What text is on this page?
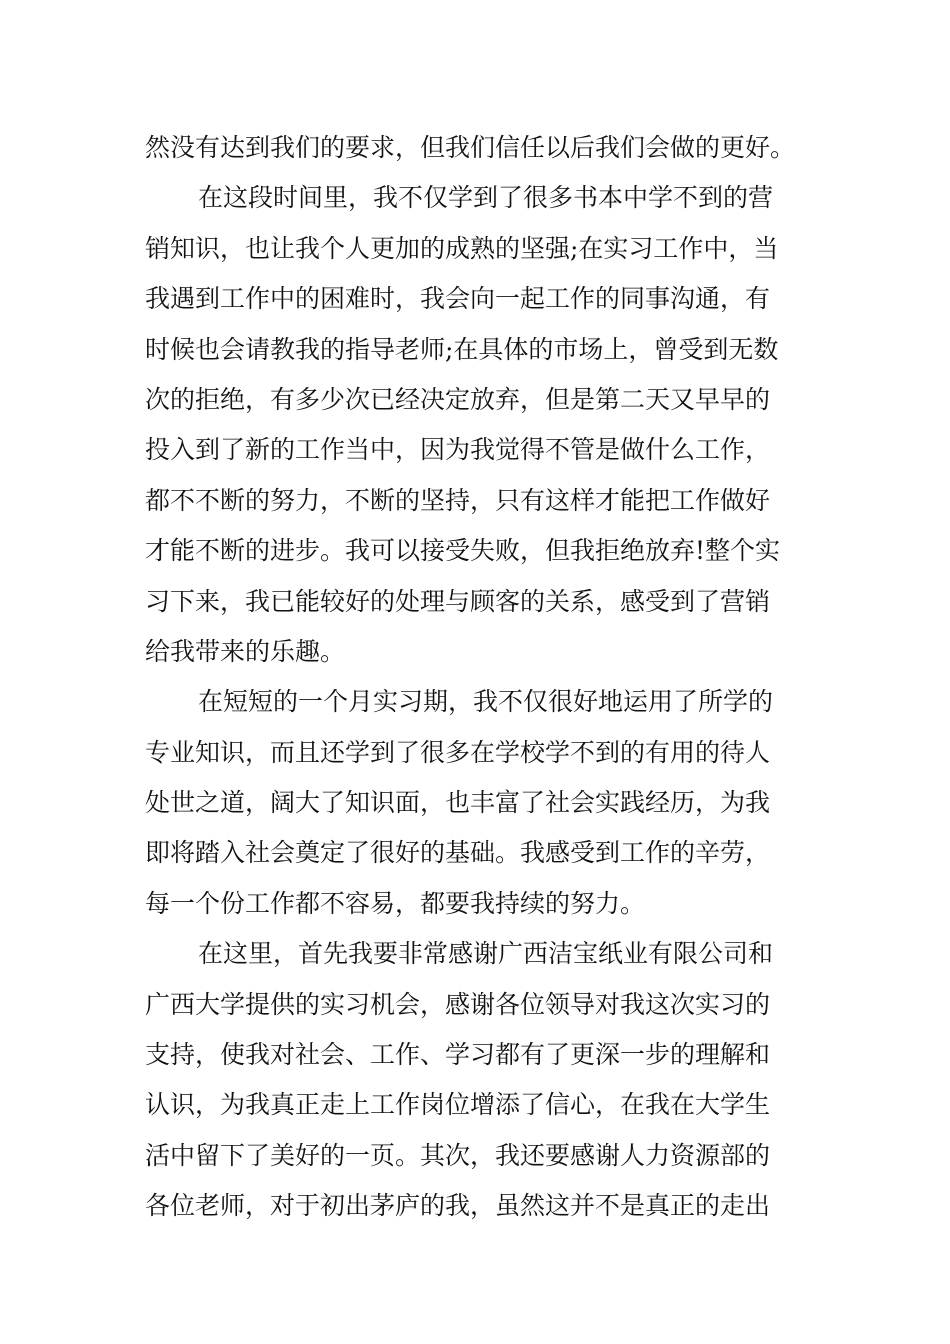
然没有达到我们的要求，但我们信任以后我们会做的更好。
在这段时间里，我不仅学到了很多书本中学不到的营
销知识，也让我个人更加的成熟的坚强;在实习工作中，当
我遇到工作中的困难时，我会向一起工作的同事沟通，有
时候也会请教我的指导老师;在具体的市场上，曾受到无数
次的拒绝，有多少次已经决定放弃，但是第二天又早早的
投入到了新的工作当中，因为我觉得不管是做什么工作，
都不不断的努力，不断的坚持，只有这样才能把工作做好
才能不断的进步。我可以接受失败，但我拒绝放弃!整个实
习下来，我已能较好的处理与顾客的关系，感受到了营销
给我带来的乐趣。
在短短的一个月实习期，我不仅很好地运用了所学的
专业知识，而且还学到了很多在学校学不到的有用的待人
处世之道，阔大了知识面，也丰富了社会实践经历，为我
即将踏入社会奠定了很好的基础。我感受到工作的辛劳，
每一个份工作都不容易，都要我持续的努力。
在这里，首先我要非常感谢广西洁宝纸业有限公司和
广西大学提供的实习机会，感谢各位领导对我这次实习的
支持，使我对社会、工作、学习都有了更深一步的理解和
认识，为我真正走上工作岗位增添了信心，在我在大学生
活中留下了美好的一页。其次，我还要感谢人力资源部的
各位老师，对于初出茅庐的我，虽然这并不是真正的走出
